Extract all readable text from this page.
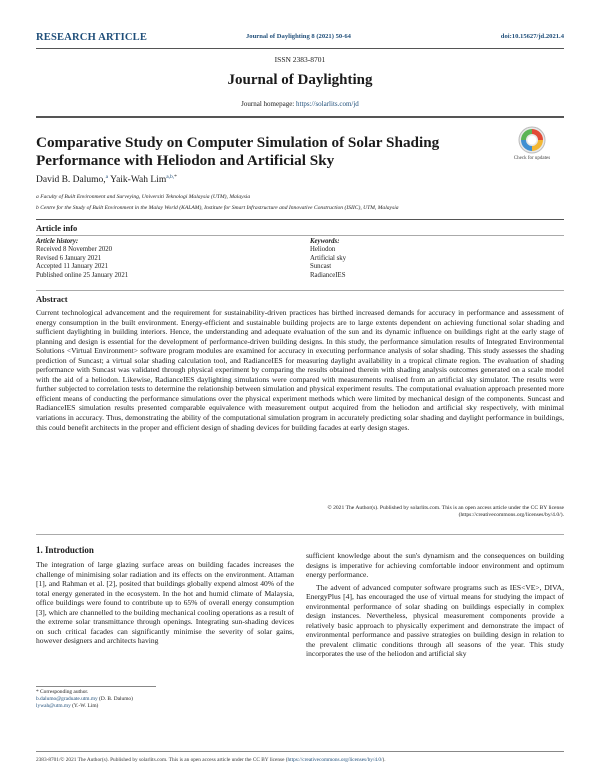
RESEARCH ARTICLE	Journal of Daylighting 8 (2021) 50-64	doi:10.15627/jd.2021.4
ISSN 2383-8701
Journal of Daylighting
Journal homepage: https://solarlits.com/jd
Comparative Study on Computer Simulation of Solar Shading Performance with Heliodon and Artificial Sky	Check for updates
David B. Dalumo,$^a$ Yaik-Wah Lim$^{a,b,*}$
a Faculty of Built Environment and Surveying, Universiti Teknologi Malaysia (UTM), Malaysia
b Centre for the Study of Built Environment in the Malay World (KALAM), Institute for Smart Infrastructure and Innovative Construction (ISIIC), UTM, Malaysia
Article info
Article history:
Received 8 November 2020
Revised 6 January 2021
Accepted 11 January 2021
Published online 25 January 2021
Keywords:
Heliodon
Artificial sky
Suncast
RadianceIES
Abstract
Current technological advancement and the requirement for sustainability-driven practices has birthed increased demands for accuracy in performance and assessment of energy consumption in the built environment. Energy-efficient and sustainable building projects are to large extents dependent on achieving functional solar shading and sufficient daylighting in building interiors. Hence, the understanding and adequate evaluation of the sun and its dynamic influence on buildings right at the early stage of planning and design is essential for the development of performance-driven building designs. In this study, the performance simulation results of Integrated Environmental Solutions <Virtual Environment> software program modules are examined for accuracy in executing performance analysis of solar shading. This study assesses the shading prediction of Suncast; a virtual solar shading calculation tool, and RadianceIES for measuring daylight availability in a tropical climate region. The evaluation of shading performance with Suncast was validated through physical experiment by comparing the results obtained therein with shading analysis outcomes generated on a scale model with the aid of a heliodon. Likewise, RadianceIES daylighting simulations were compared with measurements realised from an artificial sky simulator. The results were further subjected to correlation tests to determine the relationship between simulation and physical experiment results. The computational evaluation approach presented more efficient means of conducting the performance simulations over the physical experiment methods which were limited by mechanical design of the components. Suncast and RadianceIES simulation results presented comparable equivalence with measurement output acquired from the heliodon and artificial sky respectively, with minimal variations in accuracy. Thus, demonstrating the ability of the computational simulation program in accurately predicting solar shading and daylight performance in buildings, this could benefit architects in the proper and efficient design of shading devices for building facades at early design stages.
© 2021 The Author(s). Published by solarlits.com. This is an open access article under the CC BY license
(https://creativecommons.org/licenses/by/4.0/).
1. Introduction

The integration of large glazing surface areas on building facades increases the challenge of minimising solar radiation and its effects on the environment. Attaman [1], and Rahman et al. [2], posited that buildings globally expend almost 40% of the total energy generated in the ecosystem. In the hot and humid climate of Malaysia, office buildings were found to contribute up to 65% of overall energy consumption [3], which are channelled to the building mechanical cooling operations as a result of the extreme solar transmittance through openings. Integrating sun-shading devices on such critical facades can significantly minimise the severity of solar gains, however designers and architects having

sufficient knowledge about the sun's dynamism and the consequences on building designs is imperative for achieving comfortable indoor environment and optimum energy performance.

The advent of advanced computer software programs such as IES<VE>, DIVA, EnergyPlus [4], has encouraged the use of virtual means for studying the impact of environmental performance of solar shading on buildings especially in complex design instances. Nevertheless, physical measurement components provide a relatively basic approach to physically experiment and demonstrate the impact of environmental performance and passive strategies on building design in relation to the prevalent climatic conditions through all seasons of the year. This study incorporates the use of the heliodon and artificial sky

* Corresponding author.
b.dalumo@graduate.utm.my (D. B. Dalumo)
lywah@utm.my (Y.-W. Lim)
2383-8701/© 2021 The Author(s). Published by solarlits.com. This is an open access article under the CC BY license (https://creativecommons.org/licenses/by/4.0/).
